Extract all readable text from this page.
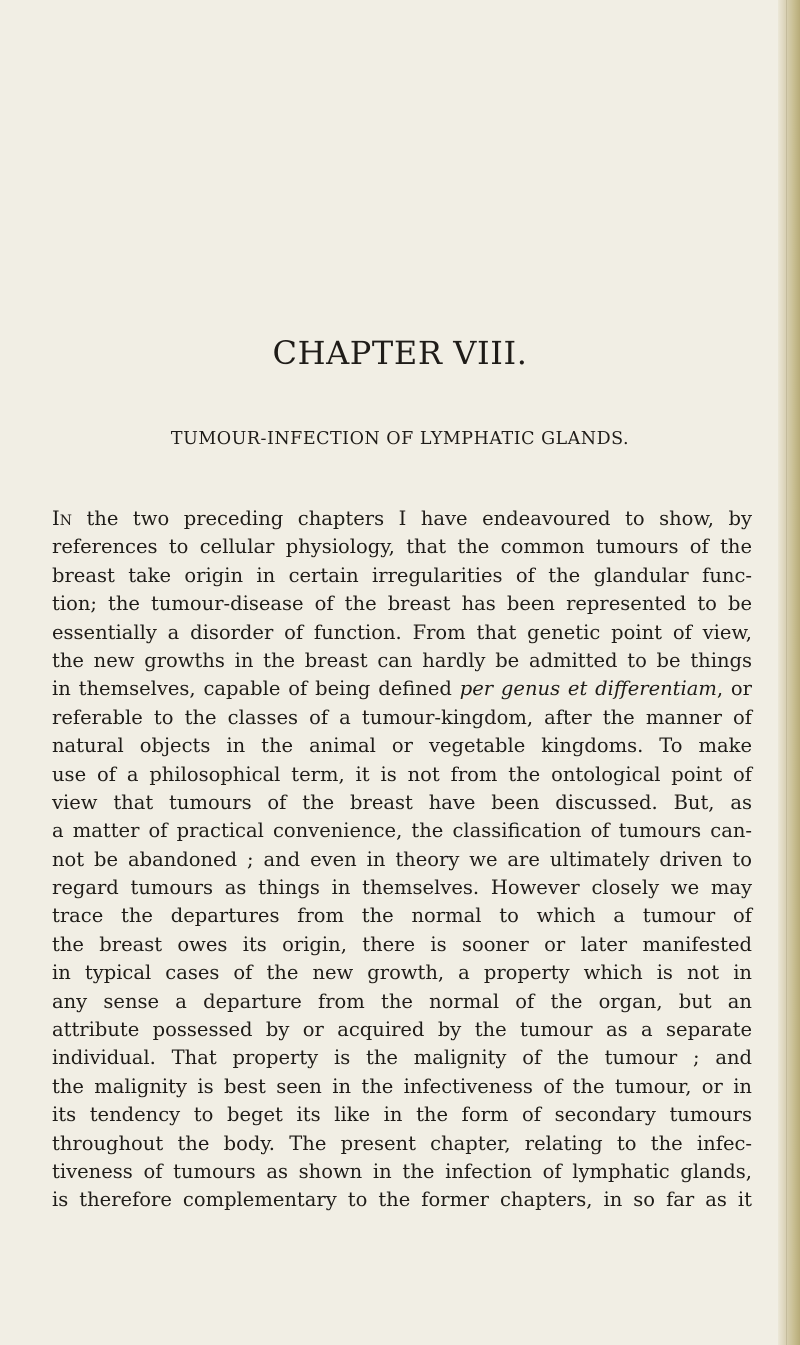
CHAPTER VIII.
TUMOUR-INFECTION OF LYMPHATIC GLANDS.
In the two preceding chapters I have endeavoured to show, by
references to cellular physiology, that the common tumours of the
breast take origin in certain irregularities of the glandular func-
tion; the tumour-disease of the breast has been represented to be
essentially a disorder of function. From that genetic point of view,
the new growths in the breast can hardly be admitted to be things
in themselves, capable of being defined per genus et differentiam, or
referable to the classes of a tumour-kingdom, after the manner of
natural objects in the animal or vegetable kingdoms. To make
use of a philosophical term, it is not from the ontological point of
view that tumours of the breast have been discussed. But, as
a matter of practical convenience, the classification of tumours can-
not be abandoned ; and even in theory we are ultimately driven to
regard tumours as things in themselves. However closely we may
trace the departures from the normal to which a tumour of
the breast owes its origin, there is sooner or later manifested
in typical cases of the new growth, a property which is not in
any sense a departure from the normal of the organ, but an
attribute possessed by or acquired by the tumour as a separate
individual. That property is the malignity of the tumour ; and
the malignity is best seen in the infectiveness of the tumour, or in
its tendency to beget its like in the form of secondary tumours
throughout the body. The present chapter, relating to the infec-
tiveness of tumours as shown in the infection of lymphatic glands,
is therefore complementary to the former chapters, in so far as it
